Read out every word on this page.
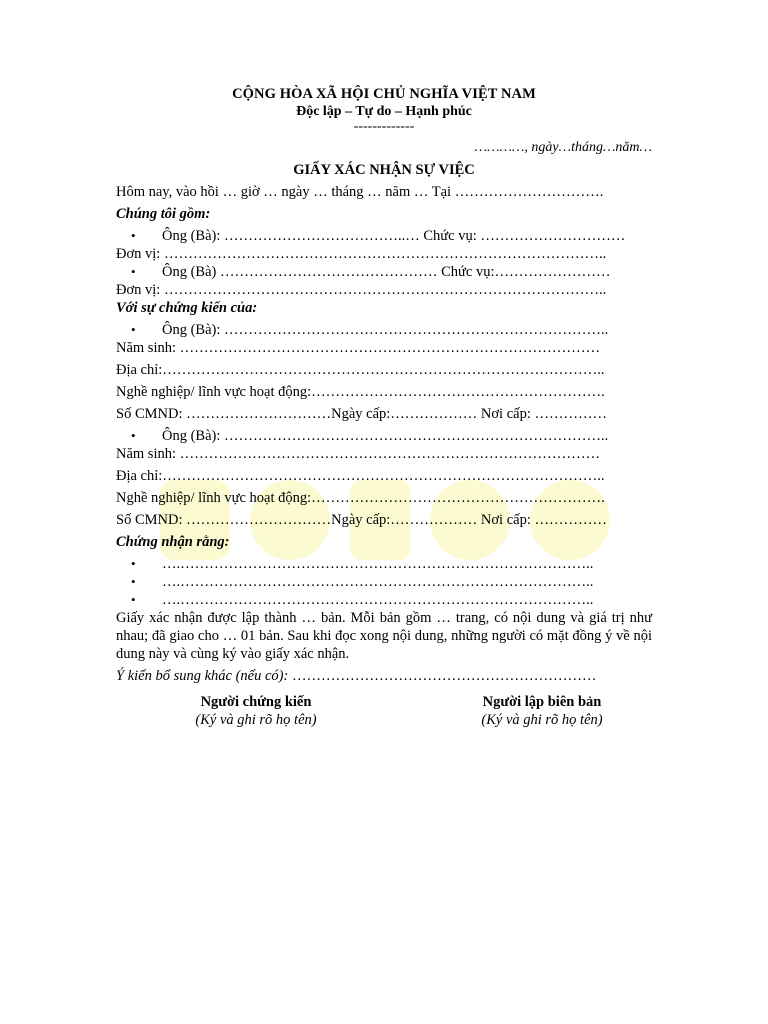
CỘNG HÒA XÃ HỘI CHỦ NGHĨA VIỆT NAM
Độc lập – Tự do – Hạnh phúc
-------------
…………, ngày…tháng…năm…
GIẤY XÁC NHẬN SỰ VIỆC
Hôm nay, vào hồi … giờ … ngày … tháng … năm … Tại ………………………….
Chúng tôi gồm:
• Ông (Bà): ………………………………..… Chức vụ: …………………………
Đơn vị: ………………………………………………………………………………..
• Ông (Bà) ……………………………………… Chức vụ:……………………
Đơn vị: ………………………………………………………………………………..
Với sự chứng kiến của:
• Ông (Bà): ……………………………………………………………………..
Năm sinh: ……………………………………………………………………………
Địa chỉ:………………………………………………………………………………..
Nghề nghiệp/ lĩnh vực hoạt động:…………………………………………………….
Số CMND: …………………………Ngày cấp:……………… Nơi cấp: ……………
• Ông (Bà): ……………………………………………………………………..
Năm sinh: ……………………………………………………………………………
Địa chỉ:………………………………………………………………………………..
Nghề nghiệp/ lĩnh vực hoạt động:…………………………………………………….
Số CMND: …………………………Ngày cấp:……………… Nơi cấp: ……………
Chứng nhận rằng:
• ….…………………………………………………………………………..
• ….…………………………………………………………………………..
• ….…………………………………………………………………………..
Giấy xác nhận được lập thành … bản. Mỗi bản gồm … trang, có nội dung và giá trị như nhau; đã giao cho … 01 bản. Sau khi đọc xong nội dung, những người có mặt đồng ý về nội dung này và cùng ký vào giấy xác nhận.
Ý kiến bổ sung khác (nếu có): ………………………………………………………
Người chứng kiến
(Ký và ghi rõ họ tên)
Người lập biên bản
(Ký và ghi rõ họ tên)
